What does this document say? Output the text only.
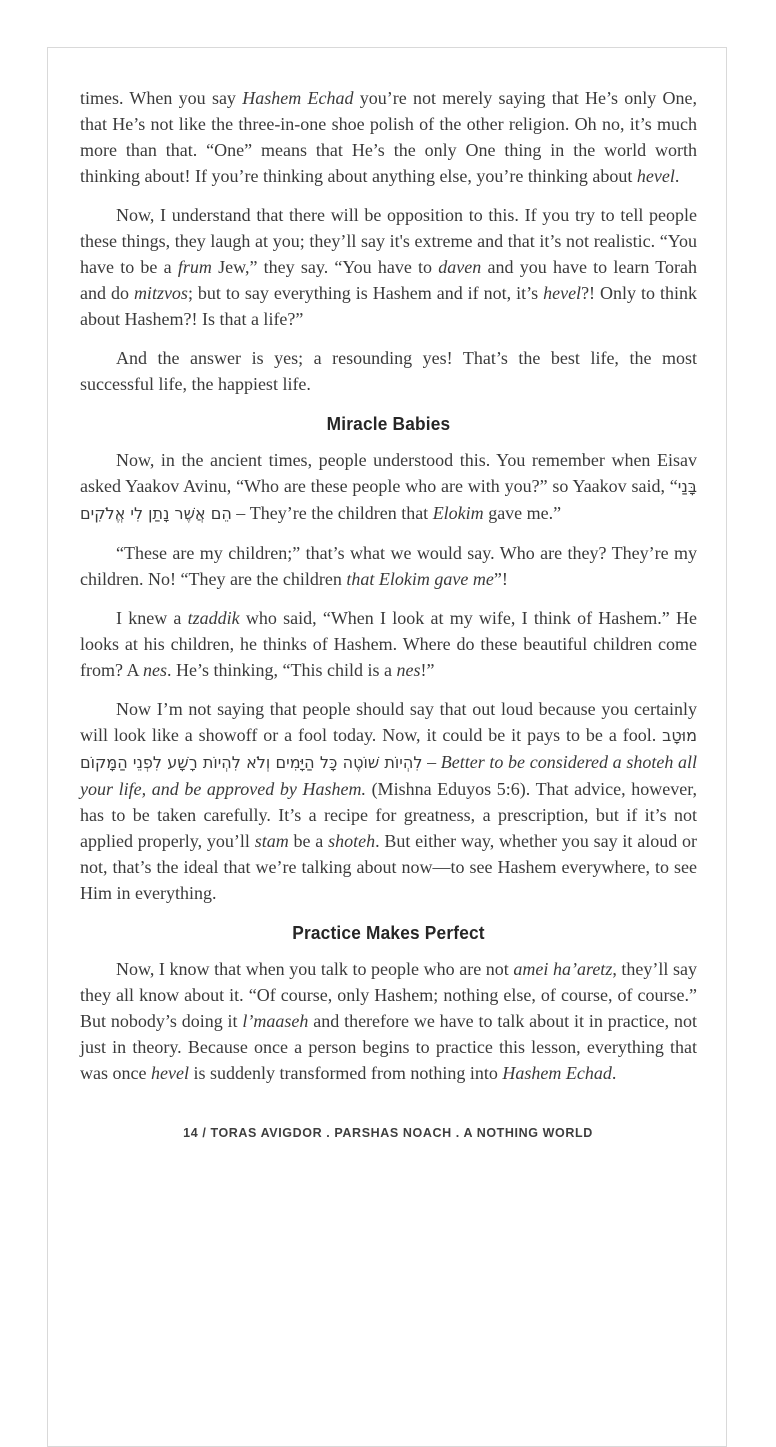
times. When you say Hashem Echad you’re not merely saying that He’s only One, that He’s not like the three-in-one shoe polish of the other religion. Oh no, it’s much more than that. “One” means that He’s the only One thing in the world worth thinking about! If you’re thinking about anything else, you’re thinking about hevel.

Now, I understand that there will be opposition to this. If you try to tell people these things, they laugh at you; they’ll say it's extreme and that it’s not realistic. “You have to be a frum Jew,” they say. “You have to daven and you have to learn Torah and do mitzvos; but to say everything is Hashem and if not, it’s hevel?! Only to think about Hashem?! Is that a life?”

And the answer is yes; a resounding yes! That’s the best life, the most successful life, the happiest life.

Miracle Babies

Now, in the ancient times, people understood this. You remember when Eisav asked Yaakov Avinu, “Who are these people who are with you?” so Yaakov said, “בָּנַי הֵם אֲשֶׁר נָתַן לִי אֱלֹקִים – They’re the children that Elokim gave me.”

“These are my children;” that’s what we would say. Who are they? They’re my children. No! “They are the children that Elokim gave me”!

I knew a tzaddik who said, “When I look at my wife, I think of Hashem.” He looks at his children, he thinks of Hashem. Where do these beautiful children come from? A nes. He’s thinking, “This child is a nes!”

Now I’m not saying that people should say that out loud because you certainly will look like a showoff or a fool today. Now, it could be it pays to be a fool. מוּטָב לִהְיוֹת שׁוֹטֶה כָּל הַיָּמִים וְלֹא לִהְיוֹת רָשָׁע לִפְנֵי הַמָּקוֹם – Better to be considered a shoteh all your life, and be approved by Hashem. (Mishna Eduyos 5:6). That advice, however, has to be taken carefully. It’s a recipe for greatness, a prescription, but if it’s not applied properly, you’ll stam be a shoteh. But either way, whether you say it aloud or not, that’s the ideal that we’re talking about now—to see Hashem everywhere, to see Him in everything.

Practice Makes Perfect

Now, I know that when you talk to people who are not amei ha’aretz, they’ll say they all know about it. “Of course, only Hashem; nothing else, of course, of course.” But nobody’s doing it l’maaseh and therefore we have to talk about it in practice, not just in theory. Because once a person begins to practice this lesson, everything that was once hevel is suddenly transformed from nothing into Hashem Echad.

14 / TORAS AVIGDOR . PARSHAS NOACH . A NOTHING WORLD
